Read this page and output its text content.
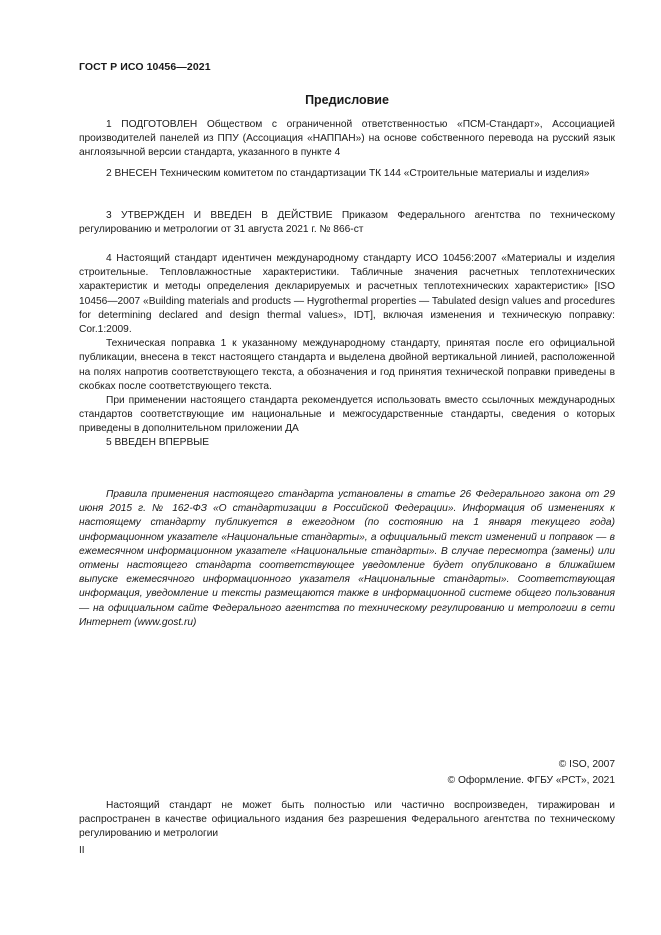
ГОСТ Р ИСО 10456—2021
Предисловие

1 ПОДГОТОВЛЕН Обществом с ограниченной ответственностью «ПСМ-Стандарт», Ассоциацией производителей панелей из ППУ (Ассоциация «НАППАН») на основе собственного перевода на русский язык англоязычной версии стандарта, указанного в пункте 4

2 ВНЕСЕН Техническим комитетом по стандартизации ТК 144 «Строительные материалы и изделия»

3 УТВЕРЖДЕН И ВВЕДЕН В ДЕЙСТВИЕ Приказом Федерального агентства по техническому регулированию и метрологии от 31 августа 2021 г. № 866-ст

4 Настоящий стандарт идентичен международному стандарту ИСО 10456:2007 «Материалы и изделия строительные. Тепловлажностные характеристики. Табличные значения расчетных теплотехнических характеристик и методы определения декларируемых и расчетных теплотехнических характеристик» [ISO 10456—2007 «Building materials and products — Hygrothermal properties — Tabulated design values and procedures for determining declared and design thermal values», IDT], включая изменения и техническую поправку: Cor.1:2009.

Техническая поправка 1 к указанному международному стандарту, принятая после его официальной публикации, внесена в текст настоящего стандарта и выделена двойной вертикальной линией, расположенной на полях напротив соответствующего текста, а обозначения и год принятия технической поправки приведены в скобках после соответствующего текста.

При применении настоящего стандарта рекомендуется использовать вместо ссылочных международных стандартов соответствующие им национальные и межгосударственные стандарты, сведения о которых приведены в дополнительном приложении ДА

5 ВВЕДЕН ВПЕРВЫЕ

Правила применения настоящего стандарта установлены в статье 26 Федерального закона от 29 июня 2015 г. № 162-ФЗ «О стандартизации в Российской Федерации». Информация об изменениях к настоящему стандарту публикуется в ежегодном (по состоянию на 1 января текущего года) информационном указателе «Национальные стандарты», а официальный текст изменений и поправок — в ежемесячном информационном указателе «Национальные стандарты». В случае пересмотра (замены) или отмены настоящего стандарта соответствующее уведомление будет опубликовано в ближайшем выпуске ежемесячного информационного указателя «Национальные стандарты». Соответствующая информация, уведомление и тексты размещаются также в информационной системе общего пользования — на официальном сайте Федерального агентства по техническому регулированию и метрологии в сети Интернет (www.gost.ru)

© ISO, 2007
© Оформление. ФГБУ «РСТ», 2021

Настоящий стандарт не может быть полностью или частично воспроизведен, тиражирован и распространен в качестве официального издания без разрешения Федерального агентства по техническому регулированию и метрологии

II
